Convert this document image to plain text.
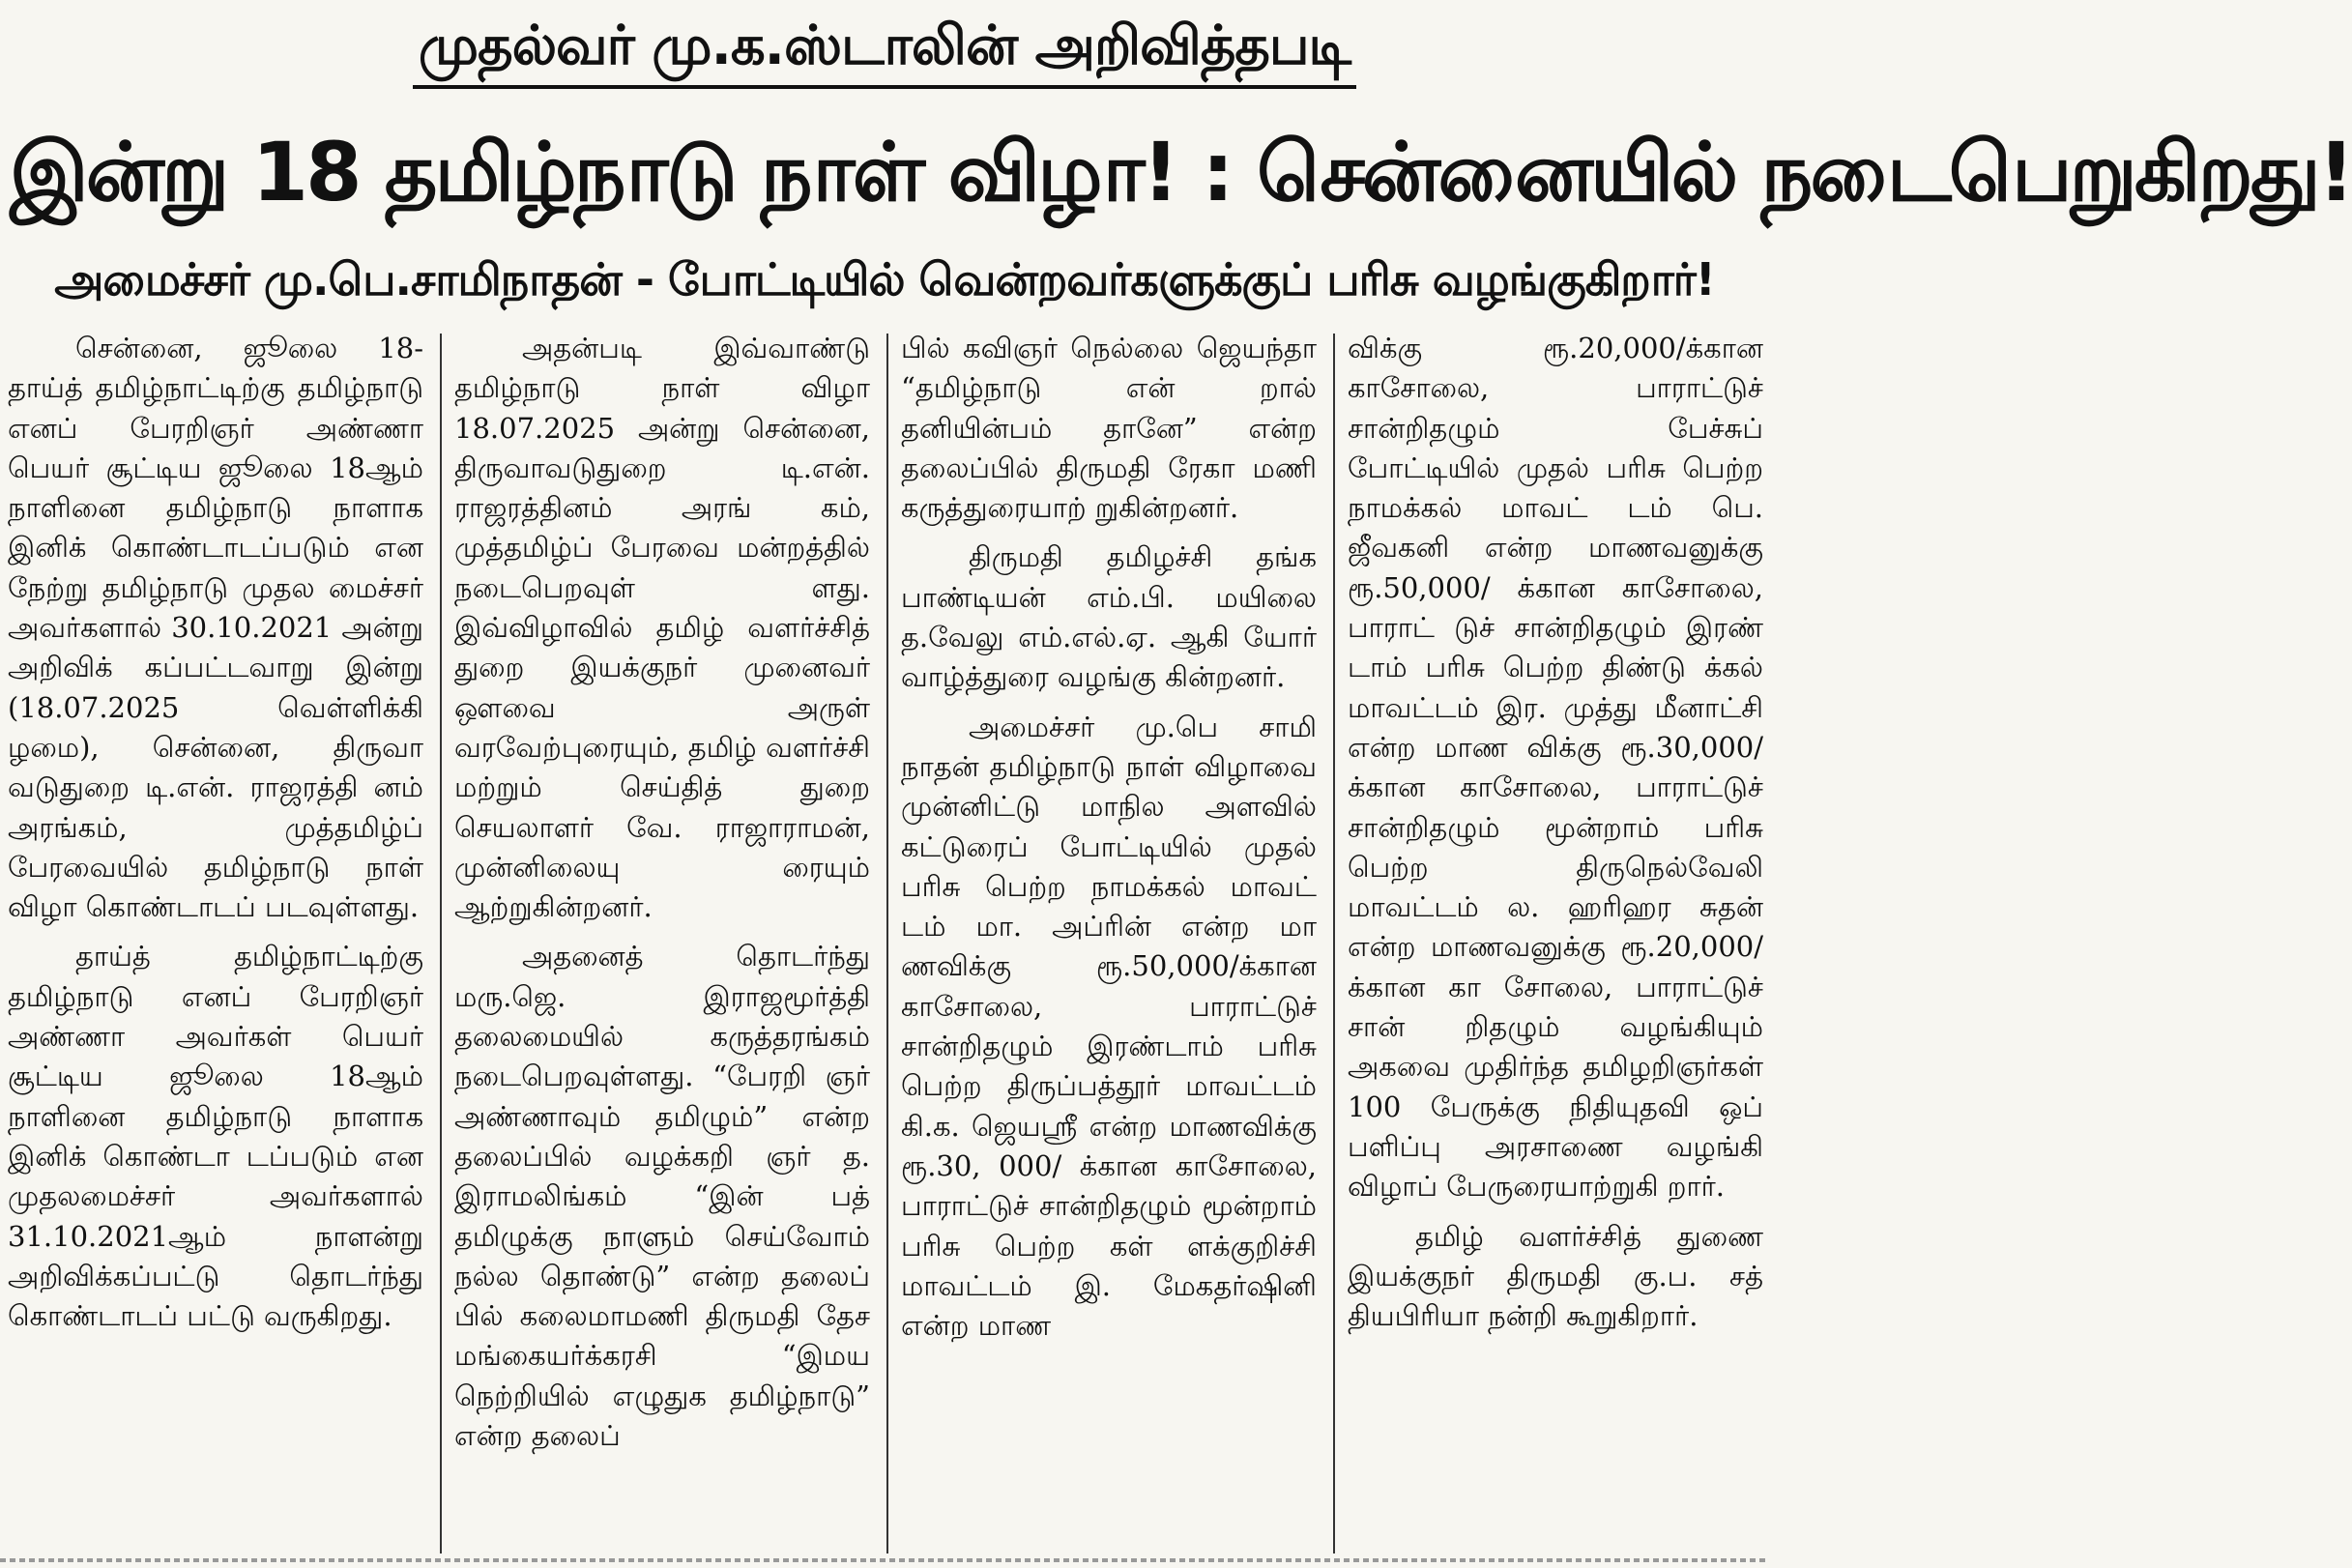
முதல்வர் மு.க.ஸ்டாலின் அறிவித்தபடி
இன்று 18 தமிழ்நாடு நாள் விழா! : சென்னையில் நடைபெறுகிறது!
அமைச்சர் மு.பெ.சாமிநாதன் - போட்டியில் வென்றவர்களுக்குப் பரிசு வழங்குகிறார்!

சென்னை, ஜூலை 18- தாய்த் தமிழ்நாட்டிற்கு தமிழ்நாடு எனப் பேரறிஞர் அண்ணா பெயர் சூட்டிய ஜூலை 18ஆம் நாளினை தமிழ்நாடு நாளாக இனிக் கொண்டாடப்படும் என நேற்று தமிழ்நாடு முதல மைச்சர் அவர்களால் 30.10.2021 அன்று அறிவிக் கப்பட்டவாறு இன்று (18.07.2025 வெள்ளிக்கி ழமை), சென்னை, திருவா வடுதுறை டி.என். ராஜரத்தி னம் அரங்கம், முத்தமிழ்ப் பேரவையில் தமிழ்நாடு நாள் விழா கொண்டாடப் படவுள்ளது.

தாய்த் தமிழ்நாட்டிற்கு தமிழ்நாடு எனப் பேரறிஞர் அண்ணா அவர்கள் பெயர் சூட்டிய ஜூலை 18ஆம் நாளினை தமிழ்நாடு நாளாக இனிக் கொண்டா டப்படும் என முதலமைச்சர் அவர்களால் 31.10.2021ஆம் நாளன்று அறிவிக்கப்பட்டு தொடர்ந்து கொண்டாடப் பட்டு வருகிறது.

அதன்படி இவ்வாண்டு தமிழ்நாடு நாள் விழா 18.07.2025 அன்று சென்னை, திருவாவடுதுறை டி.என். ராஜரத்தினம் அரங் கம், முத்தமிழ்ப் பேரவை மன்றத்தில் நடைபெறவுள் ளது. இவ்விழாவில் தமிழ் வளர்ச்சித் துறை இயக்குநர் முனைவர் ஔவை அருள் வரவேற்புரையும், தமிழ் வளர்ச்சி மற்றும் செய்தித் துறை செயலாளர் வே. ராஜாராமன், முன்னிலையு ரையும் ஆற்றுகின்றனர்.

அதனைத் தொடர்ந்து மரு.ஜெ. இராஜமூர்த்தி தலைமையில் கருத்தரங்கம் நடைபெறவுள்ளது. “பேரறி ஞர் அண்ணாவும் தமிழும்” என்ற தலைப்பில் வழக்கறி ஞர் த. இராமலிங்கம் “இன் பத் தமிழுக்கு நாளும் செய்வோம் நல்ல தொண்டு” என்ற தலைப் பில் கலைமாமணி திருமதி தேச மங்கையர்க்கரசி “இமய நெற்றியில் எழுதுக தமிழ்நாடு” என்ற தலைப்

பில் கவிஞர் நெல்லை ஜெயந்தா “தமிழ்நாடு என் றால் தனியின்பம் தானே” என்ற தலைப்பில் திருமதி ரேகா மணி கருத்துரையாற் றுகின்றனர்.

திருமதி தமிழச்சி தங்க பாண்டியன் எம்.பி. மயிலை த.வேலு எம்.எல்.ஏ. ஆகி யோர் வாழ்த்துரை வழங்கு கின்றனர்.

அமைச்சர் மு.பெ சாமி நாதன் தமிழ்நாடு நாள் விழாவை முன்னிட்டு மாநில அளவில் கட்டுரைப் போட்டியில் முதல் பரிசு பெற்ற நாமக்கல் மாவட் டம் மா. அப்ரின் என்ற மா ணவிக்கு ரூ.50,000/க்கான காசோலை, பாராட்டுச் சான்றிதழும் இரண்டாம் பரிசு பெற்ற திருப்பத்தூர் மாவட்டம் கி.க. ஜெயஸ்ரீ என்ற மாணவிக்கு ரூ.30, 000/ க்கான காசோலை, பாராட்டுச் சான்றிதழும் மூன்றாம் பரிசு பெற்ற கள் ளக்குறிச்சி மாவட்டம் இ. மேகதர்ஷினி என்ற மாண

விக்கு ரூ.20,000/க்கான காசோலை, பாராட்டுச் சான்றிதழும் பேச்சுப் போட்டியில் முதல் பரிசு பெற்ற நாமக்கல் மாவட் டம் பெ. ஜீவகனி என்ற மாணவனுக்கு ரூ.50,000/ க்கான காசோலை, பாராட் டுச் சான்றிதழும் இரண் டாம் பரிசு பெற்ற திண்டு க்கல் மாவட்டம் இர. முத்து மீனாட்சி என்ற மாண விக்கு ரூ.30,000/ க்கான காசோலை, பாராட்டுச் சான்றிதழும் மூன்றாம் பரிசு பெற்ற திருநெல்வேலி மாவட்டம் ல. ஹரிஹர சுதன் என்ற மாணவனுக்கு ரூ.20,000/ க்கான கா சோலை, பாராட்டுச் சான் றிதழும் வழங்கியும் அகவை முதிர்ந்த தமிழறிஞர்கள் 100 பேருக்கு நிதியுதவி ஒப் பளிப்பு அரசாணை வழங்கி விழாப் பேருரையாற்றுகி றார்.

தமிழ் வளர்ச்சித் துணை இயக்குநர் திருமதி கு.ப. சத் தியபிரியா நன்றி கூறுகிறார்.
